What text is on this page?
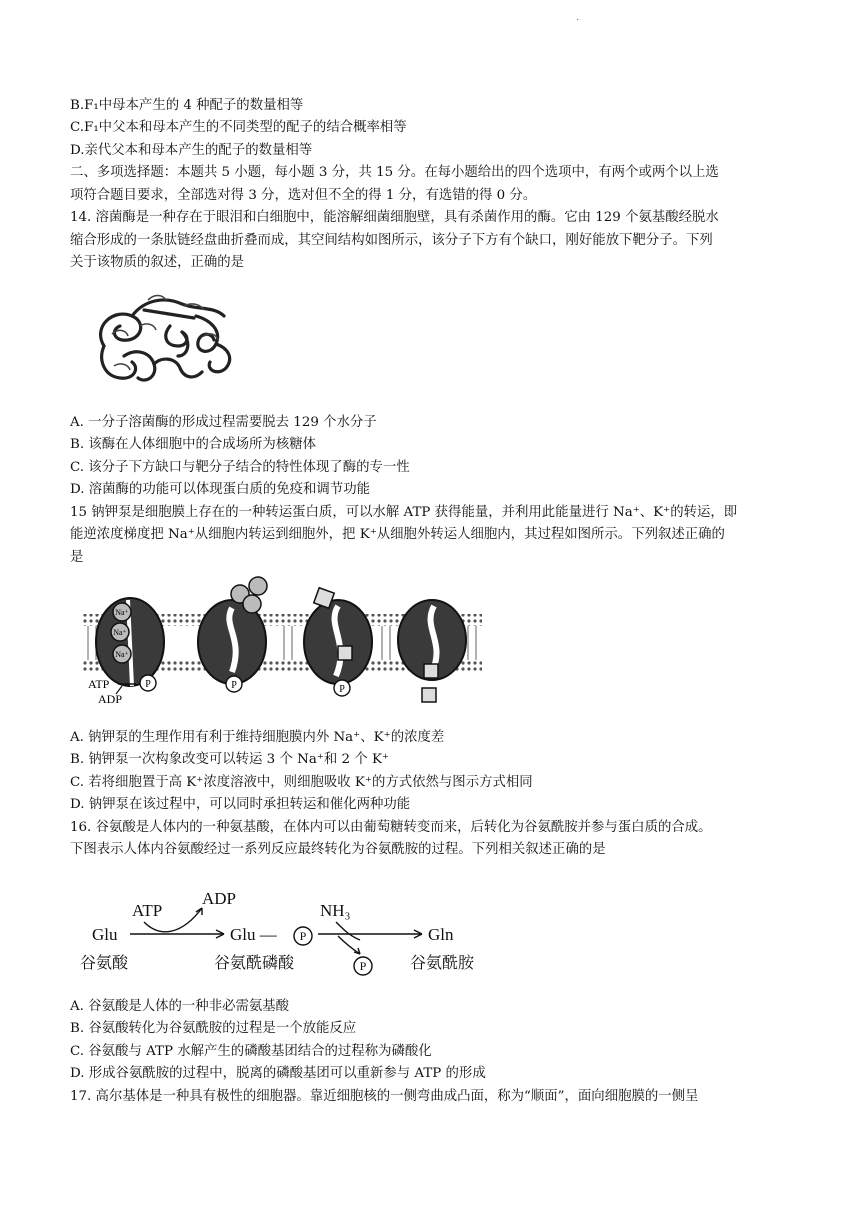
·
B.F₁中母本产生的 4 种配子的数量相等
C.F₁中父本和母本产生的不同类型的配子的结合概率相等
D.亲代父本和母本产生的配子的数量相等
二、多项选择题：本题共 5 小题，每小题 3 分，共 15 分。在每小题给出的四个选项中，有两个或两个以上选
项符合题目要求，全部选对得 3 分，选对但不全的得 1 分，有选错的得 0 分。
14. 溶菌酶是一种存在于眼泪和白细胞中，能溶解细菌细胞壁，具有杀菌作用的酶。它由 129 个氨基酸经脱水
缩合形成的一条肽链经盘曲折叠而成，其空间结构如图所示，该分子下方有个缺口，刚好能放下靶分子。下列
关于该物质的叙述，正确的是
A. 一分子溶菌酶的形成过程需要脱去 129 个水分子
B. 该酶在人体细胞中的合成场所为核糖体
C. 该分子下方缺口与靶分子结合的特性体现了酶的专一性
D. 溶菌酶的功能可以体现蛋白质的免疫和调节功能
15 钠钾泵是细胞膜上存在的一种转运蛋白质，可以水解 ATP 获得能量，并利用此能量进行 Na⁺、K⁺的转运，即
能逆浓度梯度把 Na⁺从细胞内转运到细胞外，把 K⁺从细胞外转运人细胞内，其过程如图所示。下列叙述正确的
是
Na⁺
Na⁺
Na⁺
ATP
ADP
P	P	P
A. 钠钾泵的生理作用有利于维持细胞膜内外 Na⁺、K⁺的浓度差
B. 钠钾泵一次构象改变可以转运 3 个 Na⁺和 2 个 K⁺
C. 若将细胞置于高 K⁺浓度溶液中，则细胞吸收 K⁺的方式依然与图示方式相同
D. 钠钾泵在该过程中，可以同时承担转运和催化两种功能
16. 谷氨酸是人体内的一种氨基酸，在体内可以由葡萄糖转变而来，后转化为谷氨酰胺并参与蛋白质的合成。
下图表示人体内谷氨酸经过一系列反应最终转化为谷氨酰胺的过程。下列相关叙述正确的是
Glu
ATP
ADP
Glu —
NH₃
Gln
谷氨酸	谷氨酰磷酸	谷氨酰胺
P
P
A. 谷氨酸是人体的一种非必需氨基酸
B. 谷氨酸转化为谷氨酰胺的过程是一个放能反应
C. 谷氨酸与 ATP 水解产生的磷酸基团结合的过程称为磷酸化
D. 形成谷氨酰胺的过程中，脱离的磷酸基团可以重新参与 ATP 的形成
17. 高尔基体是一种具有极性的细胞器。靠近细胞核的一侧弯曲成凸面，称为“顺面”，面向细胞膜的一侧呈
